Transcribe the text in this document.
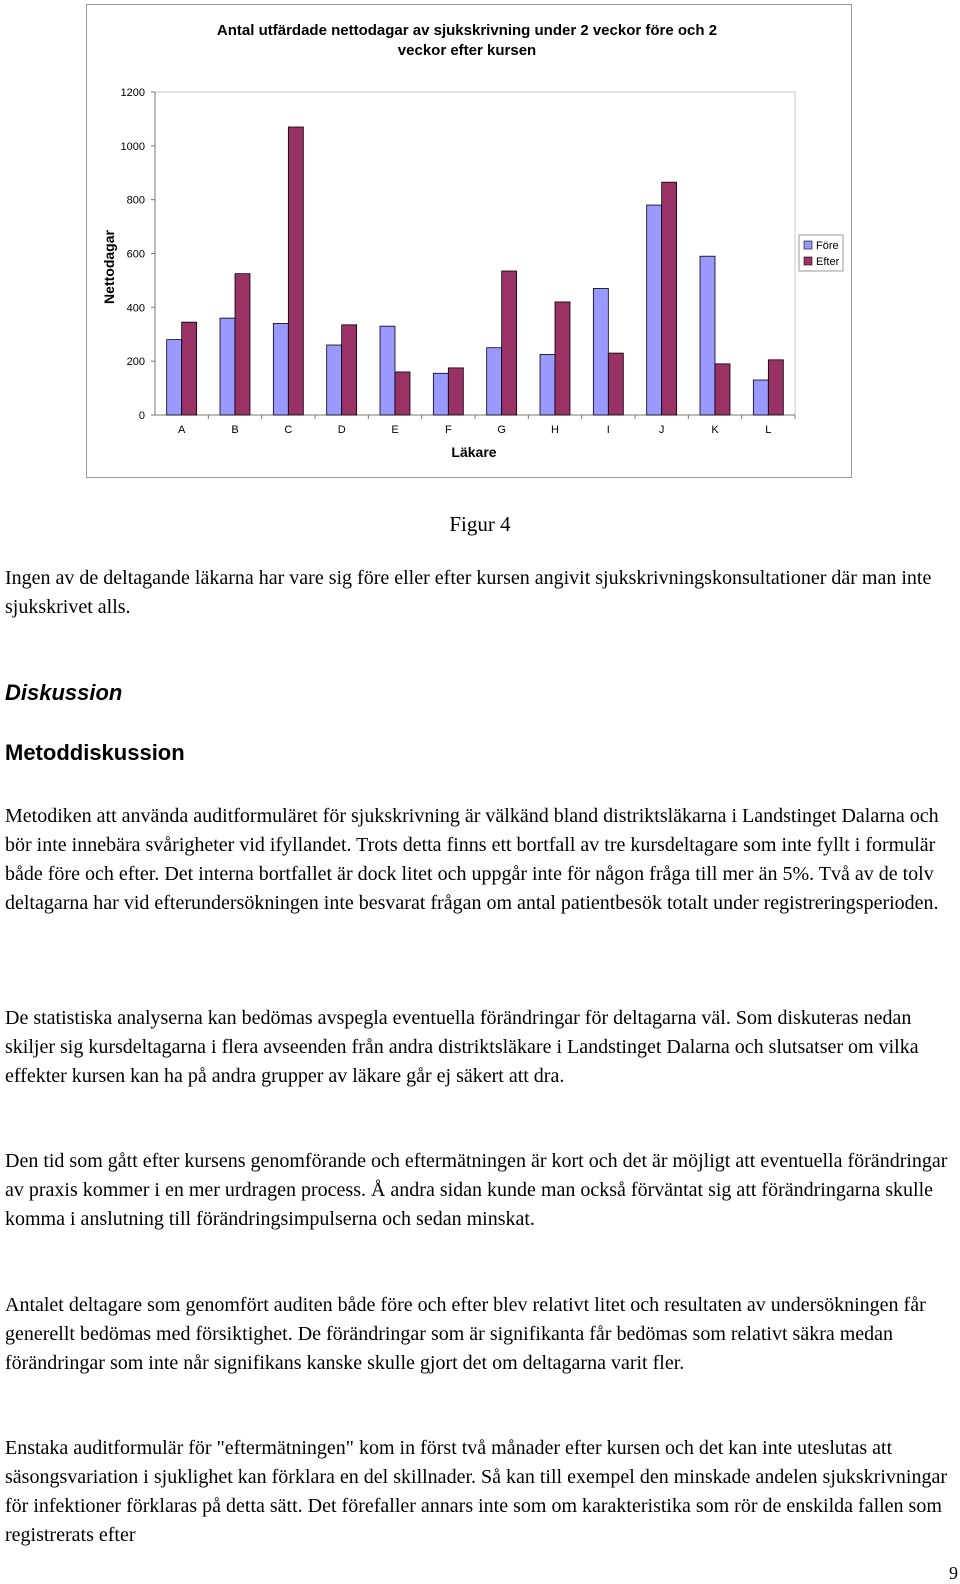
Antal utfärdade nettodagar av sjukskrivning under 2 veckor före och 2
veckor efter kursen
Nettodagar
Läkare
0
200
400
600
800
1000
1200
A	B	C	D	E	F	G	H	I	J	K	L
Före
Efter
Figur 4

Ingen av de deltagande läkarna har vare sig före eller efter kursen angivit sjukskrivningskonsultationer där man inte sjukskrivet alls.

Diskussion
Metoddiskussion

Metodiken att använda auditformuläret för sjukskrivning är välkänd bland distriktsläkarna i Landstinget Dalarna och bör inte innebära svårigheter vid ifyllandet. Trots detta finns ett bortfall av tre kursdeltagare som inte fyllt i formulär både före och efter. Det interna bortfallet är dock litet och uppgår inte för någon fråga till mer än 5%. Två av de tolv deltagarna har vid efterundersökningen inte besvarat frågan om antal patientbesök totalt under registreringsperioden.

De statistiska analyserna kan bedömas avspegla eventuella förändringar för deltagarna väl. Som diskuteras nedan skiljer sig kursdeltagarna i flera avseenden från andra distriktsläkare i Landstinget Dalarna och slutsatser om vilka effekter kursen kan ha på andra grupper av läkare går ej säkert att dra.

Den tid som gått efter kursens genomförande och eftermätningen är kort och det är möjligt att eventuella förändringar av praxis kommer i en mer urdragen process. Å andra sidan kunde man också förväntat sig att förändringarna skulle komma i anslutning till förändringsimpulserna och sedan minskat.

Antalet deltagare som genomfört auditen både före och efter blev relativt litet och resultaten av undersökningen får generellt bedömas med försiktighet. De förändringar som är signifikanta får bedömas som relativt säkra medan förändringar som inte når signifikans kanske skulle gjort det om deltagarna varit fler.

Enstaka auditformulär för "eftermätningen" kom in först två månader efter kursen och det kan inte uteslutas att säsongsvariation i sjuklighet kan förklara en del skillnader. Så kan till exempel den minskade andelen sjukskrivningar för infektioner förklaras på detta sätt. Det förefaller annars inte som om karakteristika som rör de enskilda fallen som registrerats efter

9
